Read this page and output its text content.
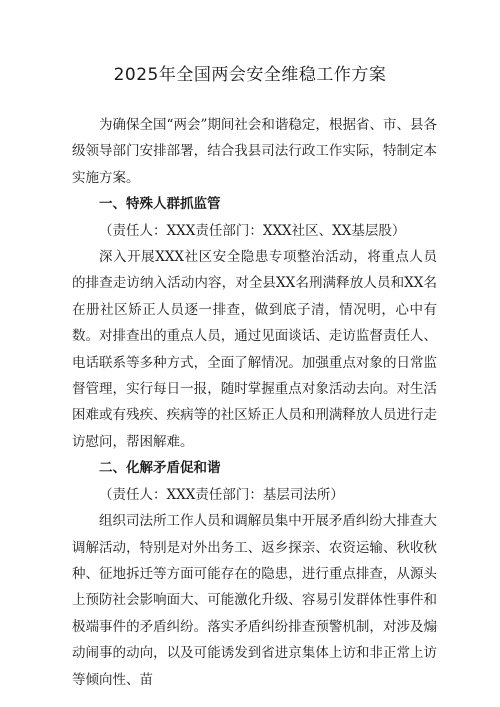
2025年全国两会安全维稳工作方案

为确保全国“两会”期间社会和谐稳定，根据省、市、县各级领导部门安排部署，结合我县司法行政工作实际，特制定本实施方案。

一、特殊人群抓监管

（责任人：XXX责任部门：XXX社区、XX基层股）

深入开展XXX社区安全隐患专项整治活动，将重点人员的排查走访纳入活动内容，对全县XX名刑满释放人员和XX名在册社区矫正人员逐一排查，做到底子清，情况明，心中有数。对排查出的重点人员，通过见面谈话、走访监督责任人、电话联系等多种方式，全面了解情况。加强重点对象的日常监督管理，实行每日一报，随时掌握重点对象活动去向。对生活困难或有残疾、疾病等的社区矫正人员和刑满释放人员进行走访慰问，帮困解难。

二、化解矛盾促和谐

（责任人：XXX责任部门：基层司法所）

组织司法所工作人员和调解员集中开展矛盾纠纷大排查大调解活动，特别是对外出务工、返乡探亲、农资运输、秋收秋种、征地拆迁等方面可能存在的隐患，进行重点排查，从源头上预防社会影响面大、可能激化升级、容易引发群体性事件和极端事件的矛盾纠纷。落实矛盾纠纷排查预警机制，对涉及煽动闹事的动向，以及可能诱发到省进京集体上访和非正常上访等倾向性、苗
